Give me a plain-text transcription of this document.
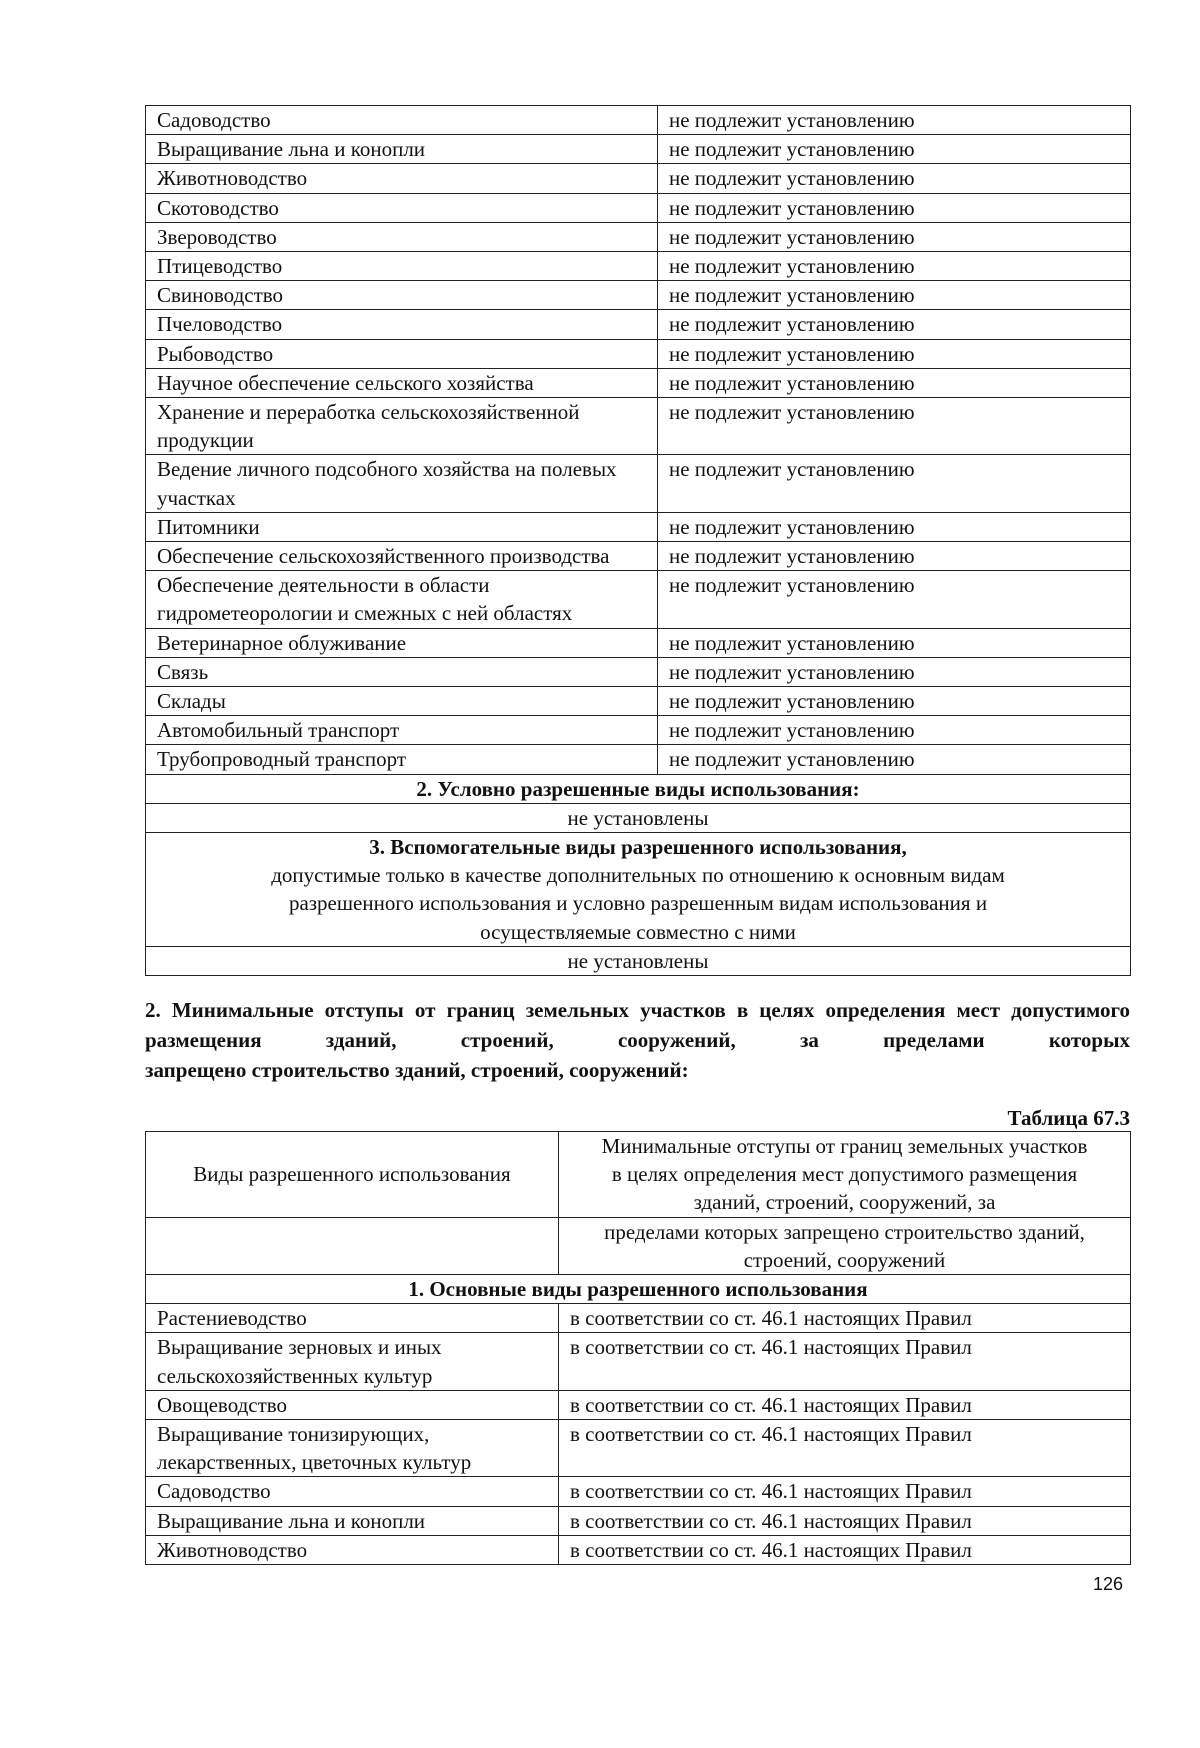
Садоводство	не подлежит установлению
Выращивание льна и конопли	не подлежит установлению
Животноводство	не подлежит установлению
Скотоводство	не подлежит установлению
Звероводство	не подлежит установлению
Птицеводство	не подлежит установлению
Свиноводство	не подлежит установлению
Пчеловодство	не подлежит установлению
Рыбоводство	не подлежит установлению
Научное обеспечение сельского хозяйства	не подлежит установлению
Хранение и переработка сельскохозяйственной продукции	не подлежит установлению
Ведение личного подсобного хозяйства на полевых участках	не подлежит установлению
Питомники	не подлежит установлению
Обеспечение сельскохозяйственного производства	не подлежит установлению
Обеспечение деятельности в области гидрометеорологии и смежных с ней областях	не подлежит установлению
Ветеринарное облуживание	не подлежит установлению
Связь	не подлежит установлению
Склады	не подлежит установлению
Автомобильный транспорт	не подлежит установлению
Трубопроводный транспорт	не подлежит установлению
2. Условно разрешенные виды использования:	
не установлены	

3. Вспомогательные виды разрешенного использования,
допустимые только в качестве дополнительных по отношению к основным видам разрешенного использования и условно разрешенным видам использования и осуществляемые совместно с ними	

не установлены	
2. Минимальные отступы от границ земельных участков в целях определения мест допустимого размещения зданий, строений, сооружений, за пределами которых
запрещено строительство зданий, строений, сооружений:
Таблица 67.3
Виды разрешенного использования	Минимальные отступы от границ земельных участков в целях определения мест допустимого размещения зданий, строений, сооружений, за
	пределами которых запрещено строительство зданий, строений, сооружений
1. Основные виды разрешенного использования	
Растениеводство	в соответствии со ст. 46.1 настоящих Правил
Выращивание зерновых и иных сельскохозяйственных культур	в соответствии со ст. 46.1 настоящих Правил
Овощеводство	в соответствии со ст. 46.1 настоящих Правил
Выращивание тонизирующих, лекарственных, цветочных культур	в соответствии со ст. 46.1 настоящих Правил
Садоводство	в соответствии со ст. 46.1 настоящих Правил
Выращивание льна и конопли	в соответствии со ст. 46.1 настоящих Правил
Животноводство	в соответствии со ст. 46.1 настоящих Правил
126
